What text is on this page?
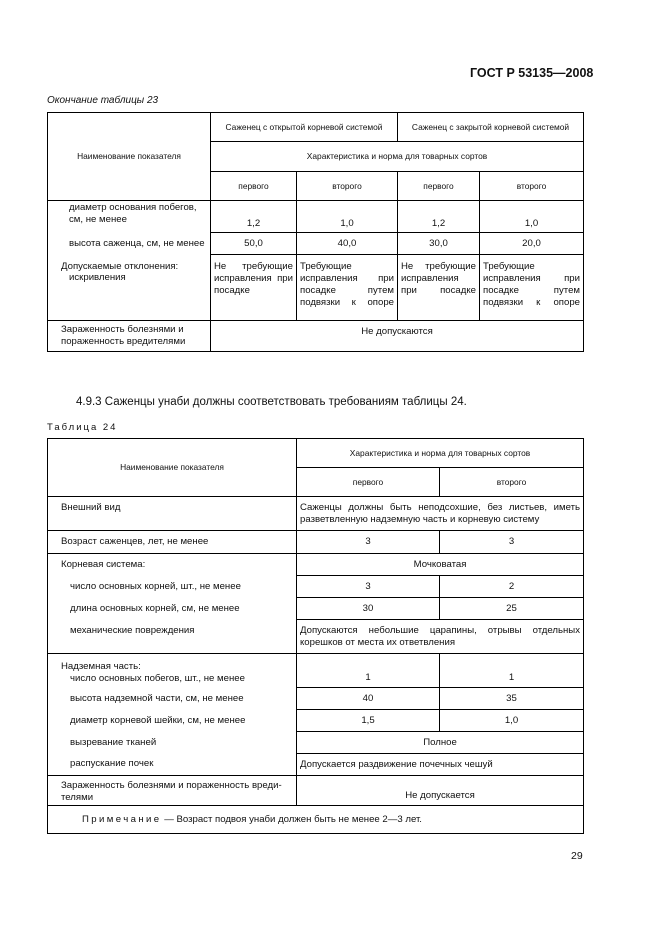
ГОСТ Р 53135—2008
Окончание таблицы 23
Наименование показателя	Саженец с открытой корневой системой		Саженец с закрытой корневой системой	
	Характеристика и норма для товарных сортов			
	первого	второго	первого	второго
диаметр основания побегов, см, не менее	1,2	1,0	1,2	1,0
высота саженца, см, не менее	50,0	40,0	30,0	20,0

Допускаемые отклонения:
искривления	Не требующие исправления при посадке	Требующие исправления при посадке путем подвязки к опоре	Не требующие исправления при посадке	Требующие исправления при посадке путем подвязки к опоре
Зараженность болезнями и пораженность вредителями	Не допускаются			
4.9.3 Саженцы унаби должны соответствовать требованиям таблицы 24.
Таблица 24
Наименование показателя	Характеристика и норма для товарных сортов	
	первого	второго
Внешний вид	Саженцы должны быть неподсохшие, без листьев, иметь разветвленную надземную часть и корневую систему	
Возраст саженцев, лет, не менее	3	3
Корневая система:	Мочковатая	
число основных корней, шт., не менее	3	2
длина основных корней, см, не менее	30	25
механические повреждения	Допускаются небольшие царапины, отрывы отдельных корешков от места их ответвления	

Надземная часть:
число основных побегов, шт., не менее	1	1
высота надземной части, см, не менее	40	35
диаметр корневой шейки, см, не менее	1,5	1,0
вызревание тканей	Полное	
распускание почек	Допускается раздвижение почечных чешуй	
Зараженность болезнями и пораженность вредителями	Не допускается	
Примечание — Возраст подвоя унаби должен быть не менее 2—3 лет.		
29
